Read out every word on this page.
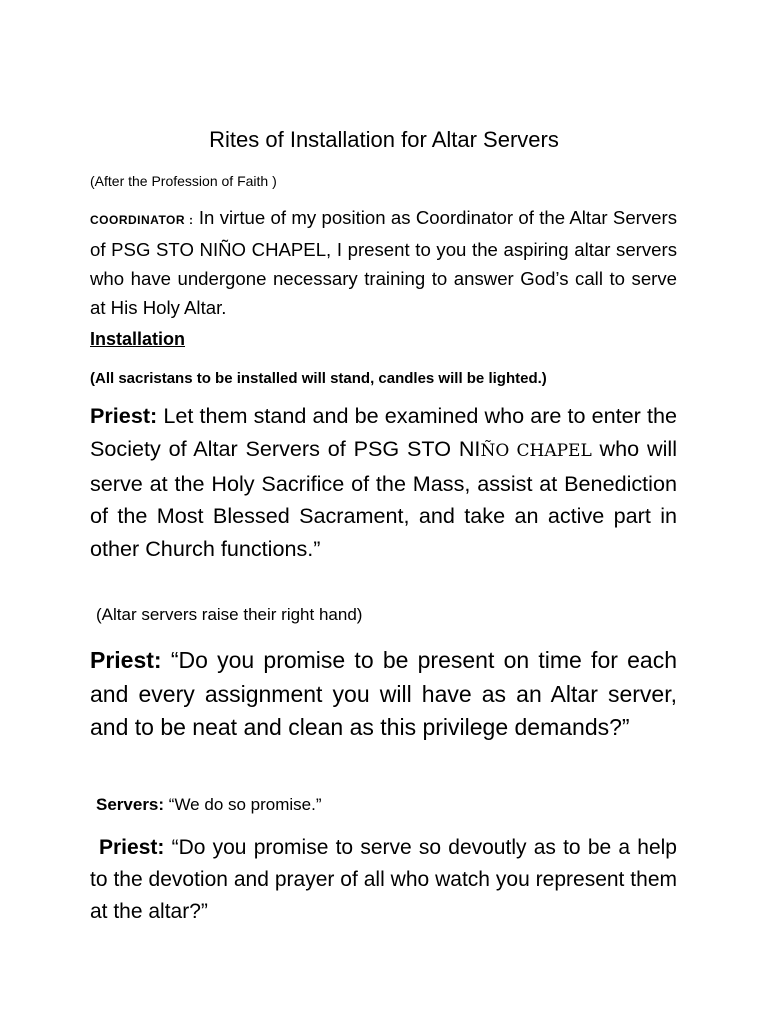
Rites of Installation for Altar Servers

(After the Profession of Faith )

COORDINATOR : In virtue of my position as Coordinator of the Altar Servers of PSG STO NIÑO CHAPEL, I present to you the aspiring altar servers who have undergone necessary training to answer God’s call to serve at His Holy Altar.

Installation

(All sacristans to be installed will stand, candles will be lighted.)

Priest: Let them stand and be examined who are to enter the Society of Altar Servers of PSG STO NIÑO CHAPEL who will serve at the Holy Sacrifice of the Mass, assist at Benediction of the Most Blessed Sacrament, and take an active part in other Church functions.”

(Altar servers raise their right hand)

Priest: “Do you promise to be present on time for each and every assignment you will have as an Altar server, and to be neat and clean as this privilege demands?”

Servers: “We do so promise.”

Priest: “Do you promise to serve so devoutly as to be a help to the devotion and prayer of all who watch you represent them at the altar?”
